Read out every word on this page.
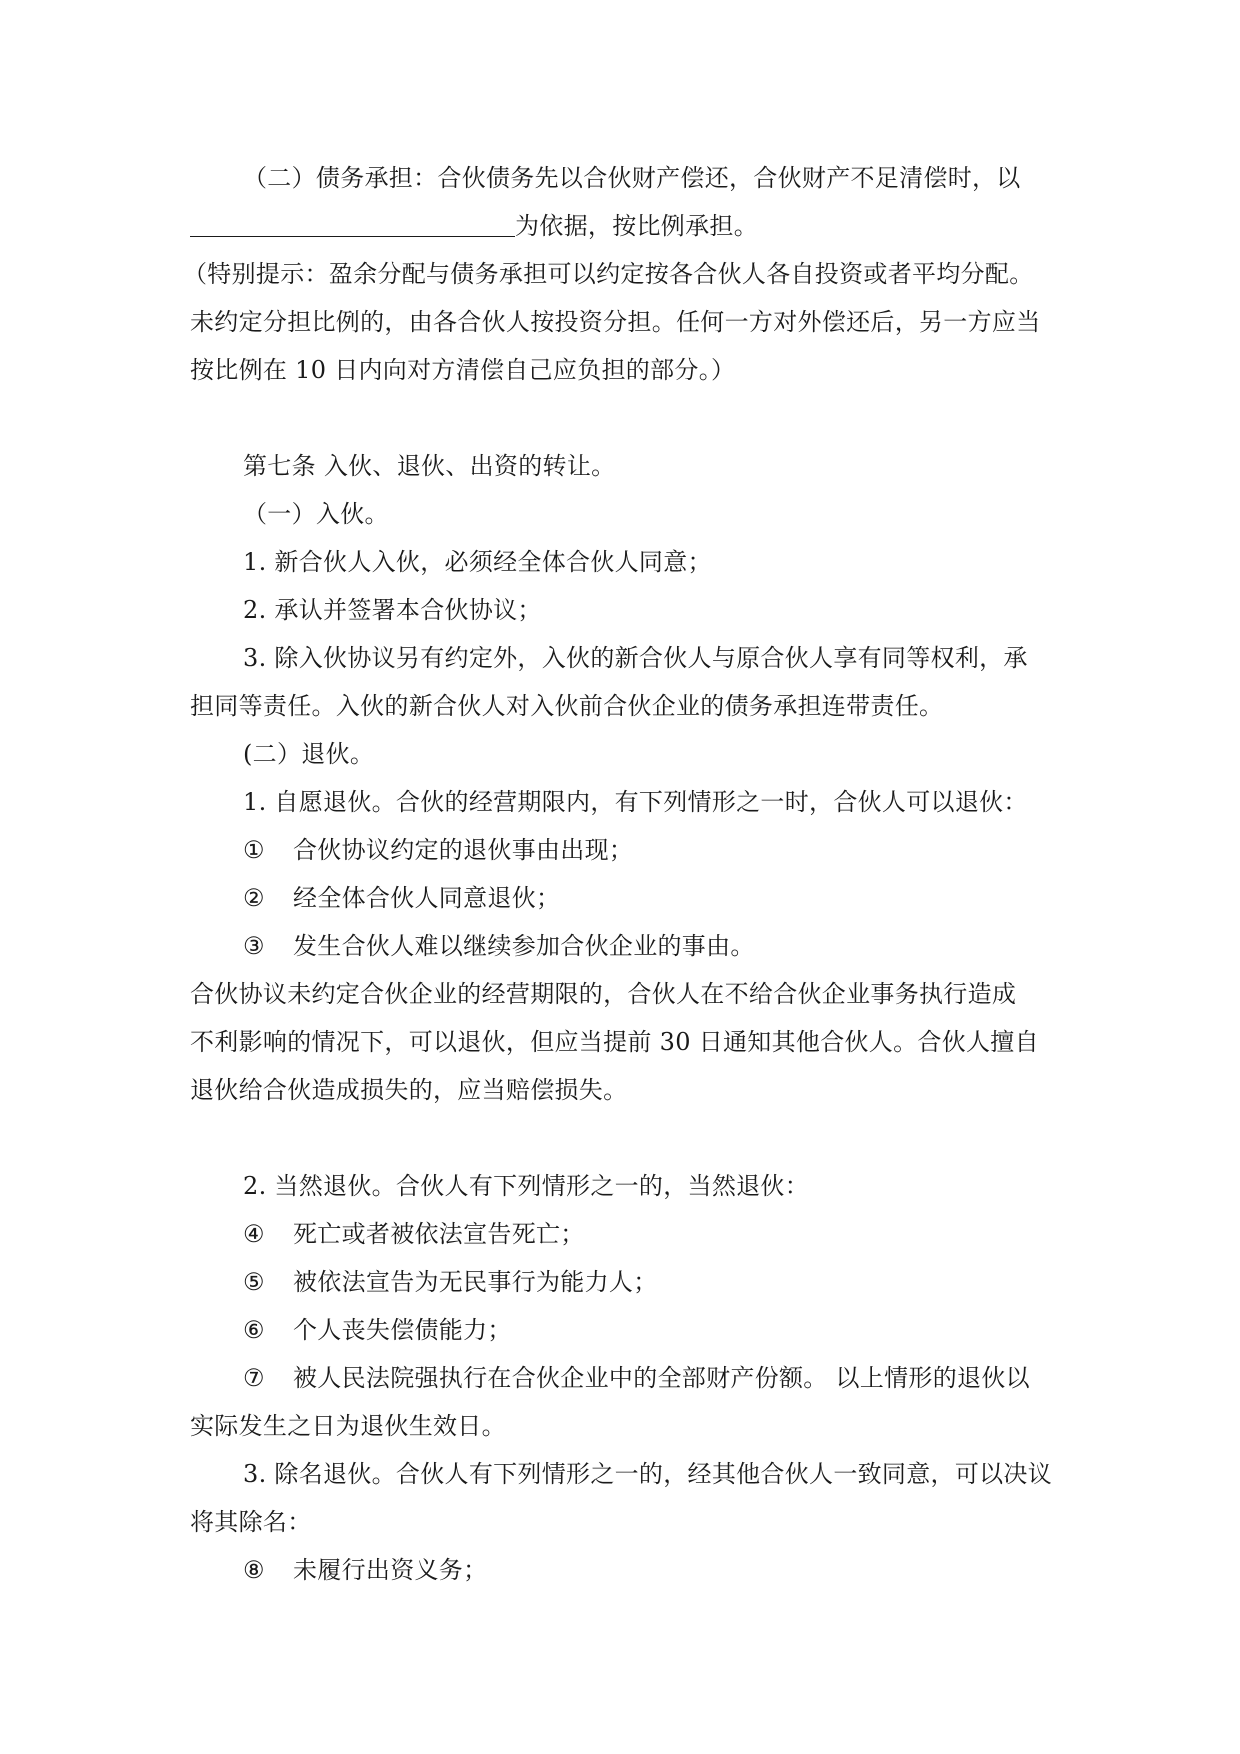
（二）债务承担：合伙债务先以合伙财产偿还，合伙财产不足清偿时，以
为依据，按比例承担。
（特别提示：盈余分配与债务承担可以约定按各合伙人各自投资或者平均分配。
未约定分担比例的，由各合伙人按投资分担。任何一方对外偿还后，另一方应当
按比例在 10 日内向对方清偿自己应负担的部分。）
第七条 入伙、退伙、出资的转让。
（一）入伙。
1. 新合伙人入伙，必须经全体合伙人同意；
2. 承认并签署本合伙协议；
3. 除入伙协议另有约定外，入伙的新合伙人与原合伙人享有同等权利，承
担同等责任。入伙的新合伙人对入伙前合伙企业的债务承担连带责任。
(二）退伙。
1. 自愿退伙。合伙的经营期限内，有下列情形之一时，合伙人可以退伙：
① 合伙协议约定的退伙事由出现；
② 经全体合伙人同意退伙；
③ 发生合伙人难以继续参加合伙企业的事由。
合伙协议未约定合伙企业的经营期限的，合伙人在不给合伙企业事务执行造成
不利影响的情况下，可以退伙，但应当提前 30 日通知其他合伙人。合伙人擅自
退伙给合伙造成损失的，应当赔偿损失。
2. 当然退伙。合伙人有下列情形之一的，当然退伙：
④ 死亡或者被依法宣告死亡；
⑤ 被依法宣告为无民事行为能力人；
⑥ 个人丧失偿债能力；
⑦ 被人民法院强执行在合伙企业中的全部财产份额。 以上情形的退伙以
实际发生之日为退伙生效日。
3. 除名退伙。合伙人有下列情形之一的，经其他合伙人一致同意，可以决议
将其除名：
⑧ 未履行出资义务；
